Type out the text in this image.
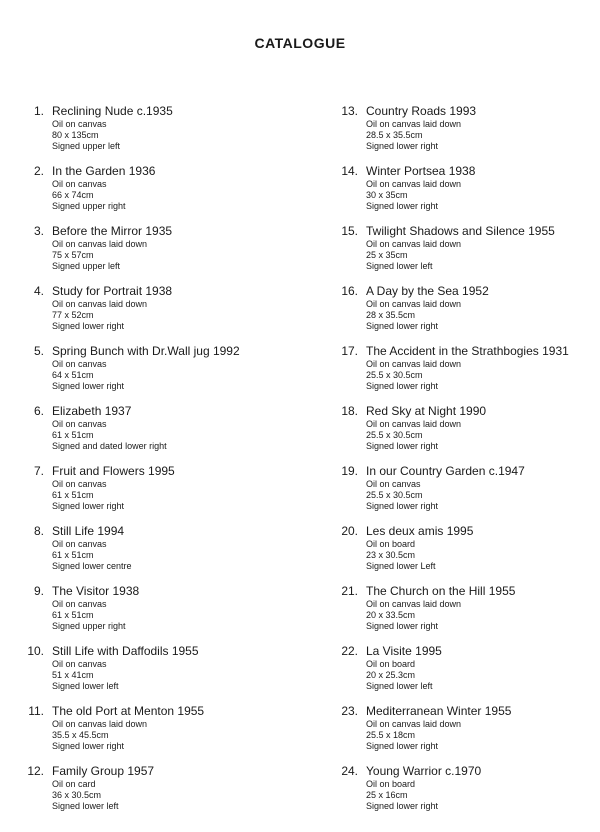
CATALOGUE
1. Reclining Nude c.1935
Oil on canvas
80 x 135cm
Signed upper left
2. In the Garden 1936
Oil on canvas
66 x 74cm
Signed upper right
3. Before the Mirror 1935
Oil on canvas laid down
75 x 57cm
Signed upper left
4. Study for Portrait 1938
Oil on canvas laid down
77 x 52cm
Signed lower right
5. Spring Bunch with Dr.Wall jug 1992
Oil on canvas
64 x 51cm
Signed lower right
6. Elizabeth 1937
Oil on canvas
61 x 51cm
Signed and dated lower right
7. Fruit and Flowers 1995
Oil on canvas
61 x 51cm
Signed lower right
8. Still Life 1994
Oil on canvas
61 x 51cm
Signed lower centre
9. The Visitor 1938
Oil on canvas
61 x 51cm
Signed upper right
10. Still Life with Daffodils 1955
Oil on canvas
51 x 41cm
Signed lower left
11. The old Port at Menton 1955
Oil on canvas laid down
35.5 x 45.5cm
Signed lower right
12. Family Group 1957
Oil on card
36 x 30.5cm
Signed lower left
13. Country Roads 1993
Oil on canvas laid down
28.5 x 35.5cm
Signed lower right
14. Winter Portsea 1938
Oil on canvas laid down
30 x 35cm
Signed lower right
15. Twilight Shadows and Silence 1955
Oil on canvas laid down
25 x 35cm
Signed lower left
16. A Day by the Sea 1952
Oil on canvas laid down
28 x 35.5cm
Signed lower right
17. The Accident in the Strathbogies 1931
Oil on canvas laid down
25.5 x 30.5cm
Signed lower right
18. Red Sky at Night 1990
Oil on canvas laid down
25.5 x 30.5cm
Signed lower right
19. In our Country Garden c.1947
Oil on canvas
25.5 x 30.5cm
Signed lower right
20. Les deux amis 1995
Oil on board
23 x 30.5cm
Signed lower Left
21. The Church on the Hill 1955
Oil on canvas laid down
20 x 33.5cm
Signed lower right
22. La Visite 1995
Oil on board
20 x 25.3cm
Signed lower left
23. Mediterranean Winter 1955
Oil on canvas laid down
25.5 x 18cm
Signed lower right
24. Young Warrior c.1970
Oil on board
25 x 16cm
Signed lower right
